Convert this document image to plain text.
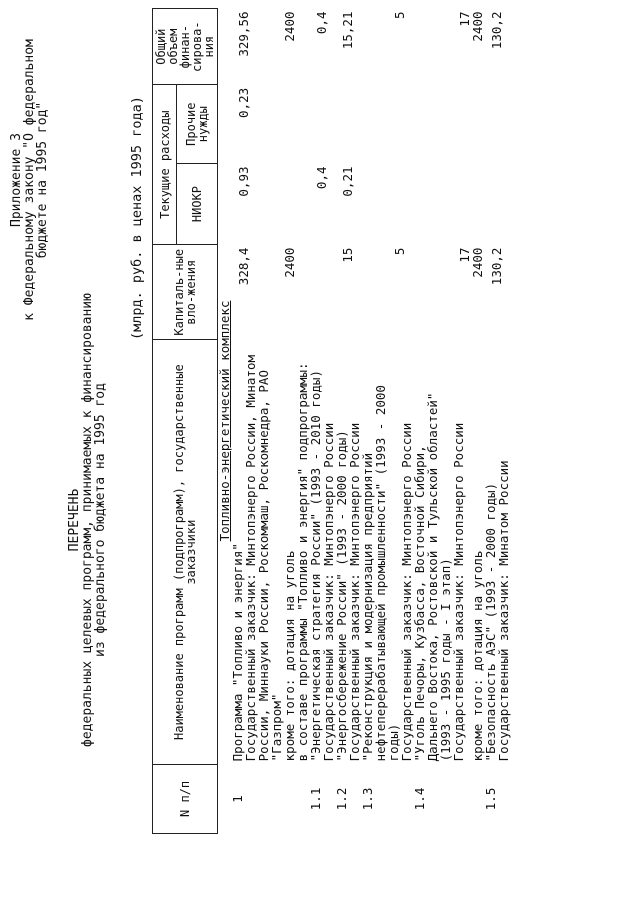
Приложение 3
к Федеральному закону "О федеральном
бюджете на 1995 год"
ПЕРЕЧЕНЬ
федеральных целевых программ, принимаемых к финансированию
из федерального бюджета на 1995 год
(млрд. руб. в ценах 1995 года)
N п/п	Наименование программ (подпрограмм), государственные заказчики	Капиталь-ные вло-жения	Текущие расходы		Общий объем финан-сирова-ния
			НИОКР	Прочие нужды	
Топливно-энергетический комплекс					
1	Программа "Топливо и энергия"
Государственный заказчик: Минтопэнерго России, Минатом
России, Миннауки России, Роскоммаш, Роскомнедра, РАО
"Газпром"	328,4	0,93	0,23	329,56

	кроме того: дотация на уголь	2400			2400

	в составе программы "Топливо и энергия" подпрограммы:				

1.1	"Энергетическая стратегия России" (1993 - 2010 годы)
Государственный заказчик: Минтопэнерго России		0,4		0,4
1.2	"Энергосбережение России" (1993 - 2000 годы)
Государственный заказчик: Минтопэнерго России	15	0,21		15,21
1.3	"Реконструкция и модернизация предприятий
нефтеперерабатывающей промышленности" (1993 - 2000 годы)
Государственный заказчик: Минтопэнерго России	5			5
1.4	"Уголь Печоры, Кузбасса, Восточной Сибири,
Дальнего Востока, Ростовской и Тульской областей"
(1993 - 1995 годы - I этап)
Государственный заказчик: Минтопэнерго России	17			17

	кроме того: дотация на уголь	2400			2400
1.5	"Безопасность АЭС" (1993 - 2000 годы)
Государственный заказчик: Минатом России	130,2			130,2
